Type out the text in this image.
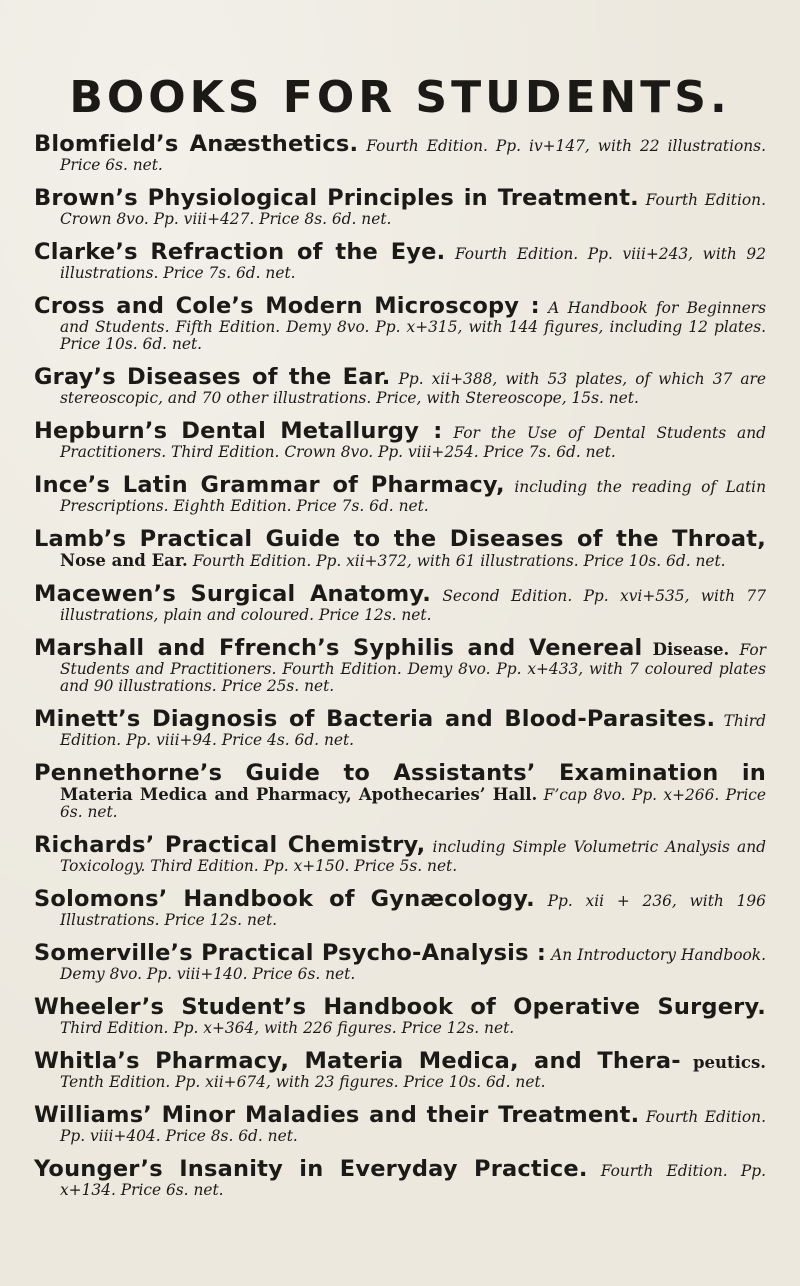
BOOKS FOR STUDENTS.
Blomfield’s Anæsthetics. Fourth Edition. Pp. iv+147, with 22 illustrations. Price 6s. net.
Brown’s Physiological Principles in Treatment. Fourth Edition. Crown 8vo. Pp. viii+427. Price 8s. 6d. net.
Clarke’s Refraction of the Eye. Fourth Edition. Pp. viii+243, with 92 illustrations. Price 7s. 6d. net.
Cross and Cole’s Modern Microscopy : A Handbook for Beginners and Students. Fifth Edition. Demy 8vo. Pp. x+315, with 144 figures, including 12 plates. Price 10s. 6d. net.
Gray’s Diseases of the Ear. Pp. xii+388, with 53 plates, of which 37 are stereoscopic, and 70 other illustrations. Price, with Stereoscope, 15s. net.
Hepburn’s Dental Metallurgy : For the Use of Dental Students and Practitioners. Third Edition. Crown 8vo. Pp. viii+254. Price 7s. 6d. net.
Ince’s Latin Grammar of Pharmacy, including the reading of Latin Prescriptions. Eighth Edition. Price 7s. 6d. net.
Lamb’s Practical Guide to the Diseases of the Throat, Nose and Ear. Fourth Edition. Pp. xii+372, with 61 illustrations. Price 10s. 6d. net.
Macewen’s Surgical Anatomy. Second Edition. Pp. xvi+535, with 77 illustrations, plain and coloured. Price 12s. net.
Marshall and Ffrench’s Syphilis and Venereal Disease. For Students and Practitioners. Fourth Edition. Demy 8vo. Pp. x+433, with 7 coloured plates and 90 illustrations. Price 25s. net.
Minett’s Diagnosis of Bacteria and Blood-Parasites. Third Edition. Pp. viii+94. Price 4s. 6d. net.
Pennethorne’s Guide to Assistants’ Examination in Materia Medica and Pharmacy, Apothecaries’ Hall. F’cap 8vo. Pp. x+266. Price 6s. net.
Richards’ Practical Chemistry, including Simple Volumetric Analysis and Toxicology. Third Edition. Pp. x+150. Price 5s. net.
Solomons’ Handbook of Gynæcology. Pp. xii + 236, with 196 Illustrations. Price 12s. net.
Somerville’s Practical Psycho-Analysis : An Introductory Handbook. Demy 8vo. Pp. viii+140. Price 6s. net.
Wheeler’s Student’s Handbook of Operative Surgery. Third Edition. Pp. x+364, with 226 figures. Price 12s. net.
Whitla’s Pharmacy, Materia Medica, and Thera- peutics. Tenth Edition. Pp. xii+674, with 23 figures. Price 10s. 6d. net.
Williams’ Minor Maladies and their Treatment. Fourth Edition. Pp. viii+404. Price 8s. 6d. net.
Younger’s Insanity in Everyday Practice. Fourth Edition. Pp. x+134. Price 6s. net.
